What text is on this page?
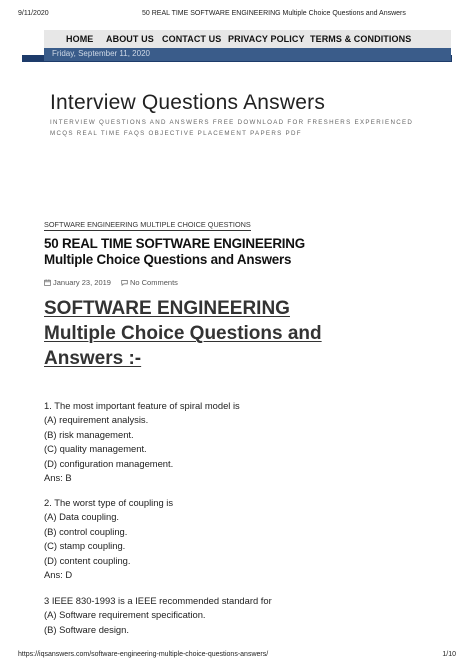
9/11/2020	50 REAL TIME SOFTWARE ENGINEERING Multiple Choice Questions and Answers
HOME ABOUT US CONTACT US PRIVACY POLICY TERMS & CONDITIONS
Friday, September 11, 2020
Interview Questions Answers
INTERVIEW QUESTIONS AND ANSWERS FREE DOWNLOAD FOR FRESHERS EXPERIENCED MCQS REAL TIME FAQS OBJECTIVE PLACEMENT PAPERS PDF
SOFTWARE ENGINEERING MULTIPLE CHOICE QUESTIONS
50 REAL TIME SOFTWARE ENGINEERING Multiple Choice Questions and Answers
January 23, 2019	No Comments
SOFTWARE ENGINEERING Multiple Choice Questions and Answers :-
1. The most important feature of spiral model is
(A) requirement analysis.
(B) risk management.
(C) quality management.
(D) configuration management.
Ans: B
2. The worst type of coupling is
(A) Data coupling.
(B) control coupling.
(C) stamp coupling.
(D) content coupling.
Ans: D
3 IEEE 830-1993 is a IEEE recommended standard for
(A) Software requirement specification.
(B) Software design.
https://iqsanswers.com/software-engineering-multiple-choice-questions-answers/	1/10
